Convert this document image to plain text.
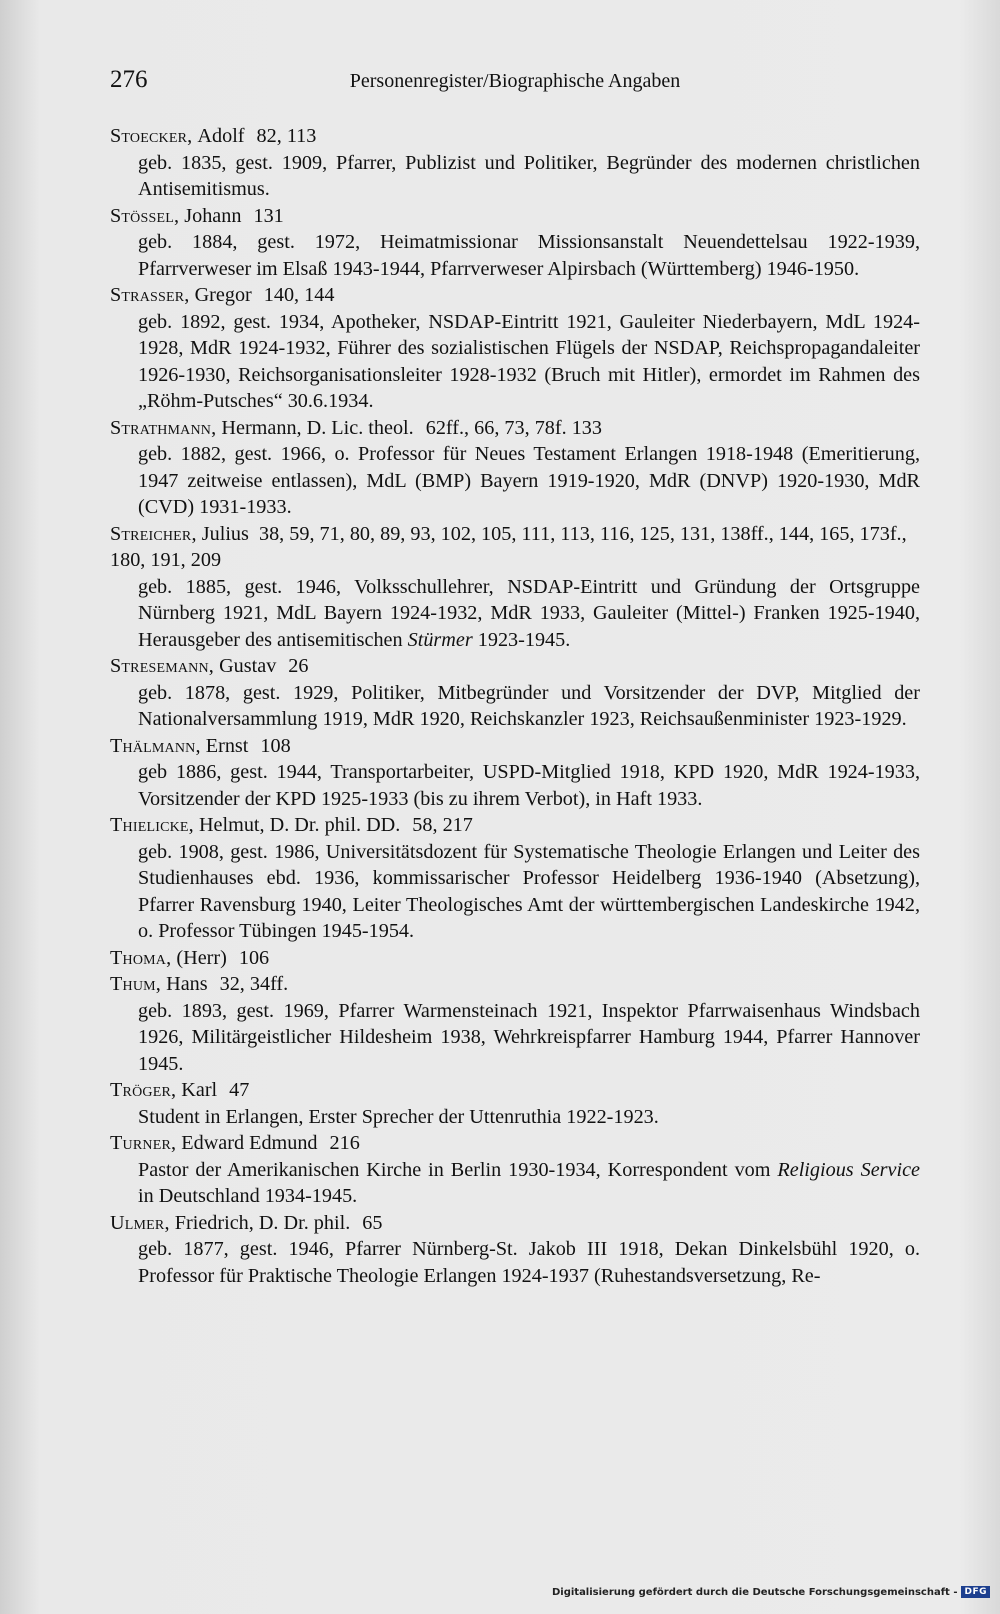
276	Personenregister/Biographische Angaben
Stoecker,
Adolf 82, 113
geb. 1835, gest. 1909, Pfarrer, Publizist und Politiker, Begründer des modernen christlichen Antisemitismus.
Stössel,
Johann 131
geb. 1884, gest. 1972, Heimatmissionar Missionsanstalt Neuendettelsau 1922-1939, Pfarrverweser im Elsaß 1943-1944, Pfarrverweser Alpirsbach (Württemberg) 1946-1950.
Strasser,
Gregor 140, 144
geb. 1892, gest. 1934, Apotheker, NSDAP-Eintritt 1921, Gauleiter Niederbayern, MdL 1924-1928, MdR 1924-1932, Führer des sozialistischen Flügels der NSDAP, Reichspropagandaleiter 1926-1930, Reichsorganisationsleiter 1928-1932 (Bruch mit Hitler), ermordet im Rahmen des „Röhm-Putsches“ 30.6.1934.
Strathmann,
Hermann, D. Lic. theol. 62ff., 66, 73, 78f. 133
geb. 1882, gest. 1966, o. Professor für Neues Testament Erlangen 1918-1948 (Emeritierung, 1947 zeitweise entlassen), MdL (BMP) Bayern 1919-1920, MdR (DNVP) 1920-1930, MdR (CVD) 1931-1933.
Streicher, Julius 38, 59, 71, 80, 89, 93, 102, 105, 111, 113, 116, 125, 131, 138ff., 144, 165, 173f., 180, 191, 209
geb. 1885, gest. 1946, Volksschullehrer, NSDAP-Eintritt und Gründung der Ortsgruppe Nürnberg 1921, MdL Bayern 1924-1932, MdR 1933, Gauleiter (Mittel-) Franken 1925-1940, Herausgeber des antisemitischen Stürmer 1923-1945.
Stresemann,
Gustav 26
geb. 1878, gest. 1929, Politiker, Mitbegründer und Vorsitzender der DVP, Mitglied der Nationalversammlung 1919, MdR 1920, Reichskanzler 1923, Reichsaußenminister 1923-1929.
Thälmann,
Ernst 108
geb 1886, gest. 1944, Transportarbeiter, USPD-Mitglied 1918, KPD 1920, MdR 1924-1933, Vorsitzender der KPD 1925-1933 (bis zu ihrem Verbot), in Haft 1933.
Thielicke,
Helmut, D. Dr. phil. DD. 58, 217
geb. 1908, gest. 1986, Universitätsdozent für Systematische Theologie Erlangen und Leiter des Studienhauses ebd. 1936, kommissarischer Professor Heidelberg 1936-1940 (Absetzung), Pfarrer Ravensburg 1940, Leiter Theologisches Amt der württembergischen Landeskirche 1942, o. Professor Tübingen 1945-1954.
Thoma,
(Herr) 106
Thum,
Hans 32, 34ff.
geb. 1893, gest. 1969, Pfarrer Warmensteinach 1921, Inspektor Pfarrwaisenhaus Windsbach 1926, Militärgeistlicher Hildesheim 1938, Wehrkreispfarrer Hamburg 1944, Pfarrer Hannover 1945.
Tröger,
Karl 47
Student in Erlangen, Erster Sprecher der Uttenruthia 1922-1923.
Turner,
Edward Edmund 216
Pastor der Amerikanischen Kirche in Berlin 1930-1934, Korrespondent vom Religious Service in Deutschland 1934-1945.
Ulmer,
Friedrich, D. Dr. phil. 65
geb. 1877, gest. 1946, Pfarrer Nürnberg-St. Jakob III 1918, Dekan Dinkelsbühl 1920, o. Professor für Praktische Theologie Erlangen 1924-1937 (Ruhestandsversetzung, Re-
Digitalisierung gefördert durch die Deutsche Forschungsgemeinschaft - DFG
